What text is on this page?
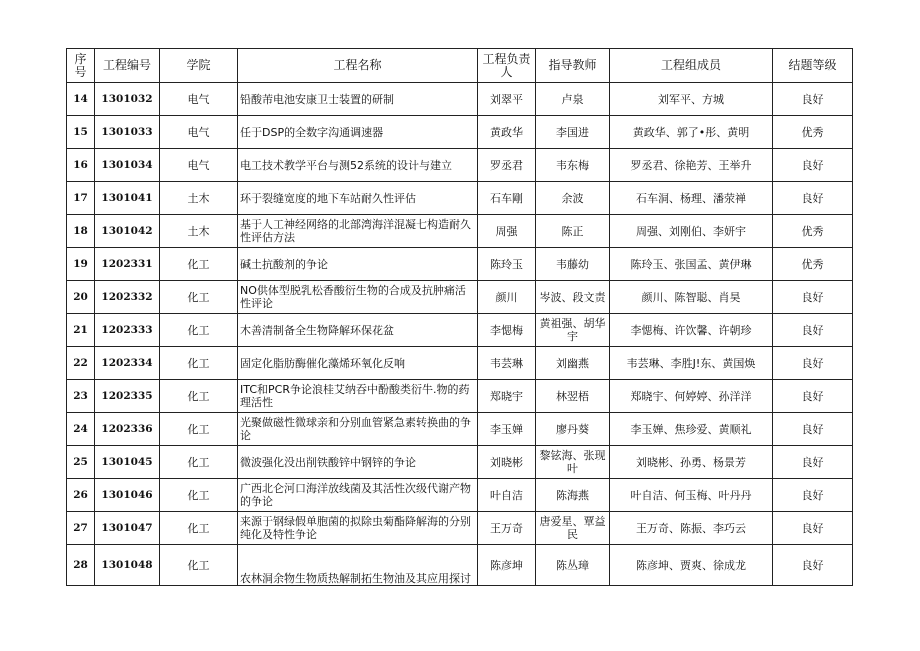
序号	工程编号	学院	工程名称	工程负责人	指导教师	工程组成员	结题等级
14	1301032	电气	铅酸芾电池安康卫士装置的研制	刘翠平	卢泉	刘军平、方城	良好
15	1301033	电气	任于DSP的全数字沟通调速器	黄政华	李国进	黄政华、郭了•彤、黄明	优秀
16	1301034	电气	电工技术教学平台与测52系统的设计与建立	罗丞君	韦东梅	罗丞君、徐艳芳、王举升	良好
17	1301041	土木	环于裂缝宽度的地下车站耐久性评估	石车剛	余波	石车洞、杨理、潘荥禅	良好
18	1301042	土木	基于人工神经网络的北部湾海洋混凝七构造耐久性评估方法	周强	陈正	周强、刘刚伯、李妍宇	优秀
19	1202331	化工	碱土抗酸剂的争论	陈玲玉	韦藤幼	陈玲玉、张国孟、黄伊琳	优秀
20	1202332	化工	NO供体型脱乳松香酸衍生物的合成及抗肿痛活性评论	颜川	岑波、段文责	颜川、陈智聪、肖昊	良好
21	1202333	化工	木善清制备全生物降解环保花盆	李愢梅	黄祖强、胡华宇	李愢梅、许饮馨、许朝珍	良好
22	1202334	化工	固定化脂肪酶催化藻烯环氧化反响	韦芸琳	刘幽燕	韦芸琳、李胜J!东、黄国焕	良好
23	1202335	化工	ITC和PCR争论浪桂艾纳吞中酚酸类衍牛.物的药理活性	郑晓宇	林翌梧	郑晓宇、何婷婷、孙洋洋	良好
24	1202336	化工	光聚做磁性微球亲和分别血管紧急素转换曲的争论	李玉婵	廖丹葵	李玉婵、焦珍爱、黄顺礼	良好
25	1301045	化工	微波强化没出削铁酸锌中钢锌的争论	刘晓彬	黎铉海、张现叶	刘晓彬、孙勇、杨景芳	良好
26	1301046	化工	广西北仑河口海洋放线菌及其活性次级代谢产物的争论	叶自洁	陈海燕	叶自洁、何玉梅、叶丹丹	良好
27	1301047	化工	来源于钢绿假单胞菌的拟除虫菊酯降解海的分别纯化及特性争论	王万奇	唐爱星、覃益民	王万奇、陈振、李巧云	良好
28	1301048	化工	农林洞余物生物质热解制拓生物油及其应用探讨	陈彦坤	陈丛璋	陈彦坤、贾爽、徐成龙	良好
